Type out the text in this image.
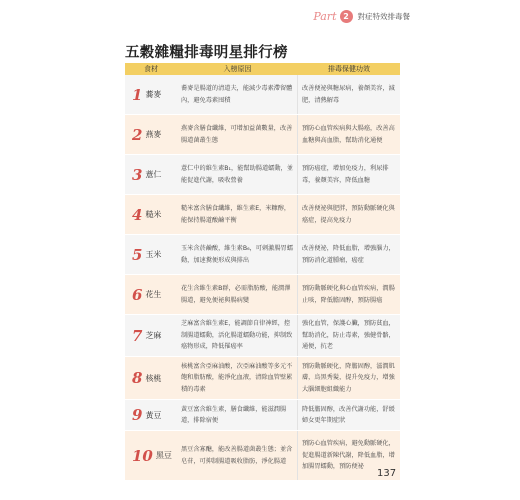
Part 2	對症特效排毒餐
五穀雜糧排毒明星排行榜
食材	入榜原因	排毒保健功效
1 蕎麥
蕎麥是腸道的清道夫，能減少毒素滯留體內，避免毒素囤積
改善便祕與糖尿病，養顏美容，減肥，清熱解毒
2 燕麥
燕麥含膳食纖維，可增加益菌數量，改善腸道菌叢生態
預防心血管疾病與大腸癌，改善高血糖與高血脂，幫助消化通便
3 薏仁
薏仁中的維生素B₁，能幫助腸道蠕動，並能促進代謝，吸收營養
預防癌症，增加免疫力，利尿排毒，養顏美容，降低血糖
4 糙米
糙米富含膳食纖維，維生素E，米糠醇，能保持腸道酸鹼平衡
改善便祕與肥胖，預防動脈硬化與癌症，提高免疫力
5 玉米
玉米含菸鹼酸，維生素B₆，可刺激腸胃蠕動，加速糞便形成與排出
改善便祕，降低血脂，增強腦力，預防消化道腫瘤，癌症
6 花生
花生含維生素B群，必需脂肪酸，能潤澤腸道，避免便祕與腸病變
預防動脈硬化與心血管疾病，潤腸止咳，降低膽固醇，預防腸癌
7 芝麻
芝麻富含維生素E，能調節自律神經，控制腸道蠕動，活化腸道蠕動功能，抑制致癌物形成，降低罹癌率
強化血管，保護心臟，預防貧血，幫助消化，防止毒素，強健骨骼，通便，抗老
8 核桃
核桃富含亞麻油酸，次亞麻油酸等多元不飽和脂肪酸，能淨化血液，清除血管壁累積的毒素
預防動脈硬化，降膽固醇，滋潤肌膚，烏黑秀髮，提升免疫力，增強大腦細胞組織能力
9 黃豆
黃豆富含維生素，膳食纖維，能滋潤腸道，排除宿便
降低膽固醇，改善代謝功能，舒緩婦女更年期症狀
10 黑豆
黑豆含寡醣，能改善腸道菌叢生態；並含皂苷，可抑制腸道吸收脂肪，淨化腸道
預防心血管疾病，避免動脈硬化，促進腸道新陳代謝，降低血脂，增加腸胃蠕動，預防便祕
137
